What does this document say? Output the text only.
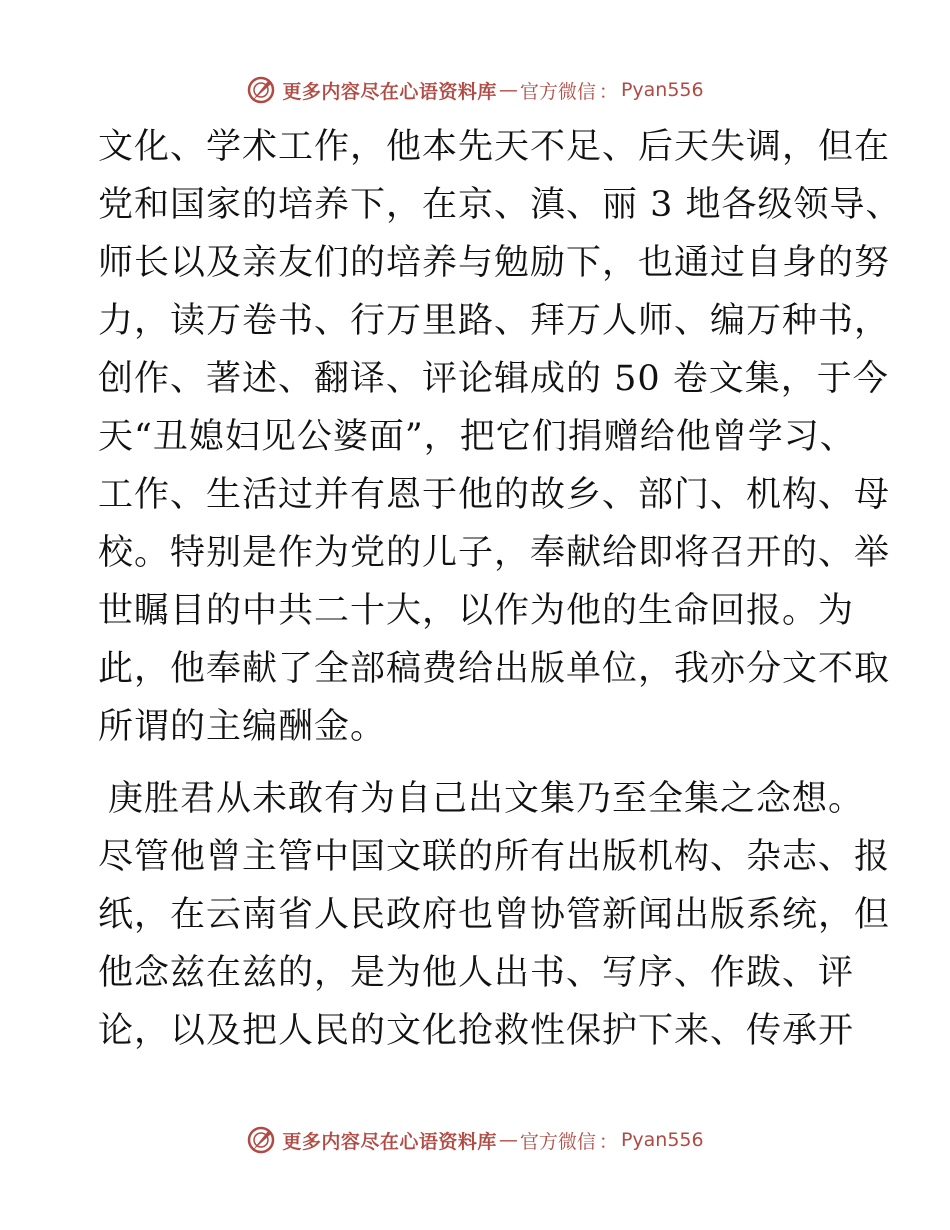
更多内容尽在心语资料库 — 官方微信 ： Pyan556
文化、学术工作，他本先天不足、后天失调，但在
党和国家的培养下，在京、滇、丽 3 地各级领导、
师长以及亲友们的培养与勉励下，也通过自身的努
力，读万卷书、行万里路、拜万人师、编万种书，
创作、著述、翻译、评论辑成的 50 卷文集，于今
天“丑媳妇见公婆面”，把它们捐赠给他曾学习、
工作、生活过并有恩于他的故乡、部门、机构、母
校。特别是作为党的儿子，奉献给即将召开的、举
世瞩目的中共二十大，以作为他的生命回报。为
此，他奉献了全部稿费给出版单位，我亦分文不取
所谓的主编酬金。
庚胜君从未敢有为自己出文集乃至全集之念想。
尽管他曾主管中国文联的所有出版机构、杂志、报
纸，在云南省人民政府也曾协管新闻出版系统，但
他念兹在兹的，是为他人出书、写序、作跋、评
论，以及把人民的文化抢救性保护下来、传承开
更多内容尽在心语资料库 — 官方微信 ： Pyan556
